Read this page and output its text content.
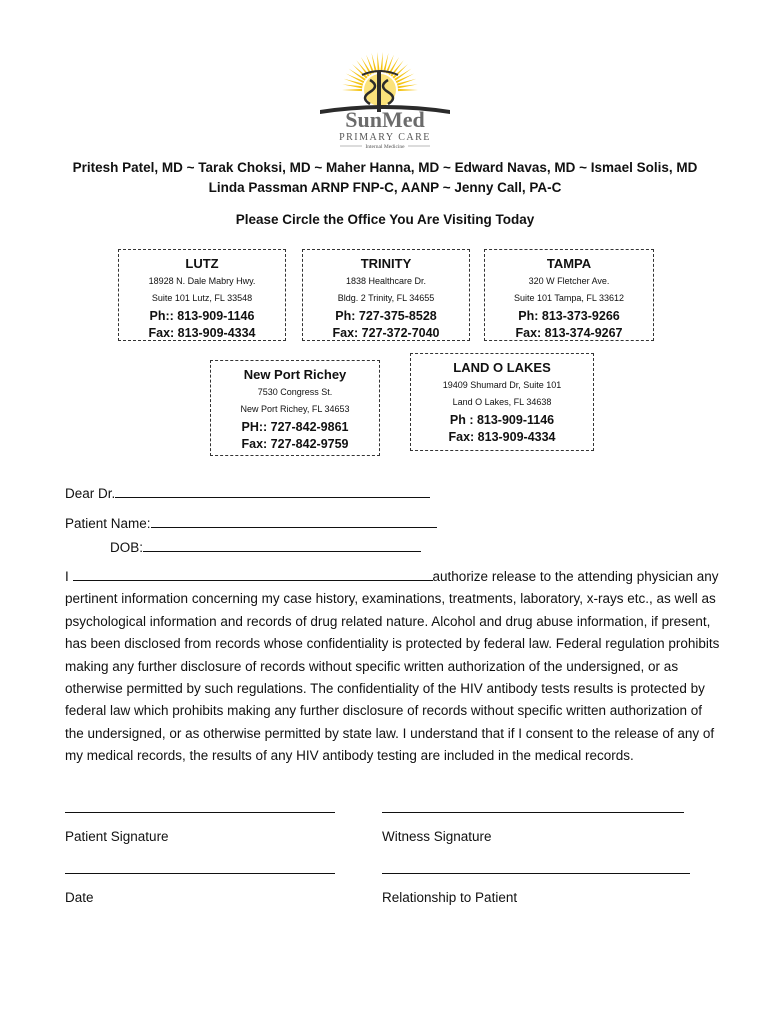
SunMed
PRIMARY CARE
Internal Medicine
Pritesh Patel, MD ~ Tarak Choksi, MD ~ Maher Hanna, MD ~ Edward Navas, MD ~ Ismael Solis, MD
Linda Passman ARNP FNP-C, AANP ~ Jenny Call, PA-C
Please Circle the Office You Are Visiting Today
LUTZ
18928 N. Dale Mabry Hwy.
Suite 101 Lutz, FL 33548
Ph:: 813-909-1146
Fax: 813-909-4334
TRINITY
1838 Healthcare Dr.
Bldg. 2 Trinity, FL 34655
Ph: 727-375-8528
Fax: 727-372-7040
TAMPA
320 W Fletcher Ave.
Suite 101 Tampa, FL 33612
Ph: 813-373-9266
Fax: 813-374-9267
New Port Richey
7530 Congress St.
New Port Richey, FL 34653
PH:: 727-842-9861
Fax: 727-842-9759
LAND O LAKES
19409 Shumard Dr, Suite 101
Land O Lakes, FL 34638
Ph : 813-909-1146
Fax: 813-909-4334
Dear Dr.
Patient Name:
DOB:
I	authorize release to the attending physician any pertinent information concerning my case history, examinations, treatments, laboratory, x-rays etc., as well as psychological information and records of drug related nature. Alcohol and drug abuse information, if present, has been disclosed from records whose confidentiality is protected by federal law. Federal regulation prohibits making any further disclosure of records without specific written authorization of the undersigned, or as otherwise permitted by such regulations. The confidentiality of the HIV antibody tests results is protected by federal law which prohibits making any further disclosure of records without specific written authorization of the undersigned, or as otherwise permitted by state law. I understand that if I consent to the release of any of my medical records, the results of any HIV antibody testing are included in the medical records.
Patient Signature	Witness Signature
Date	Relationship to Patient
